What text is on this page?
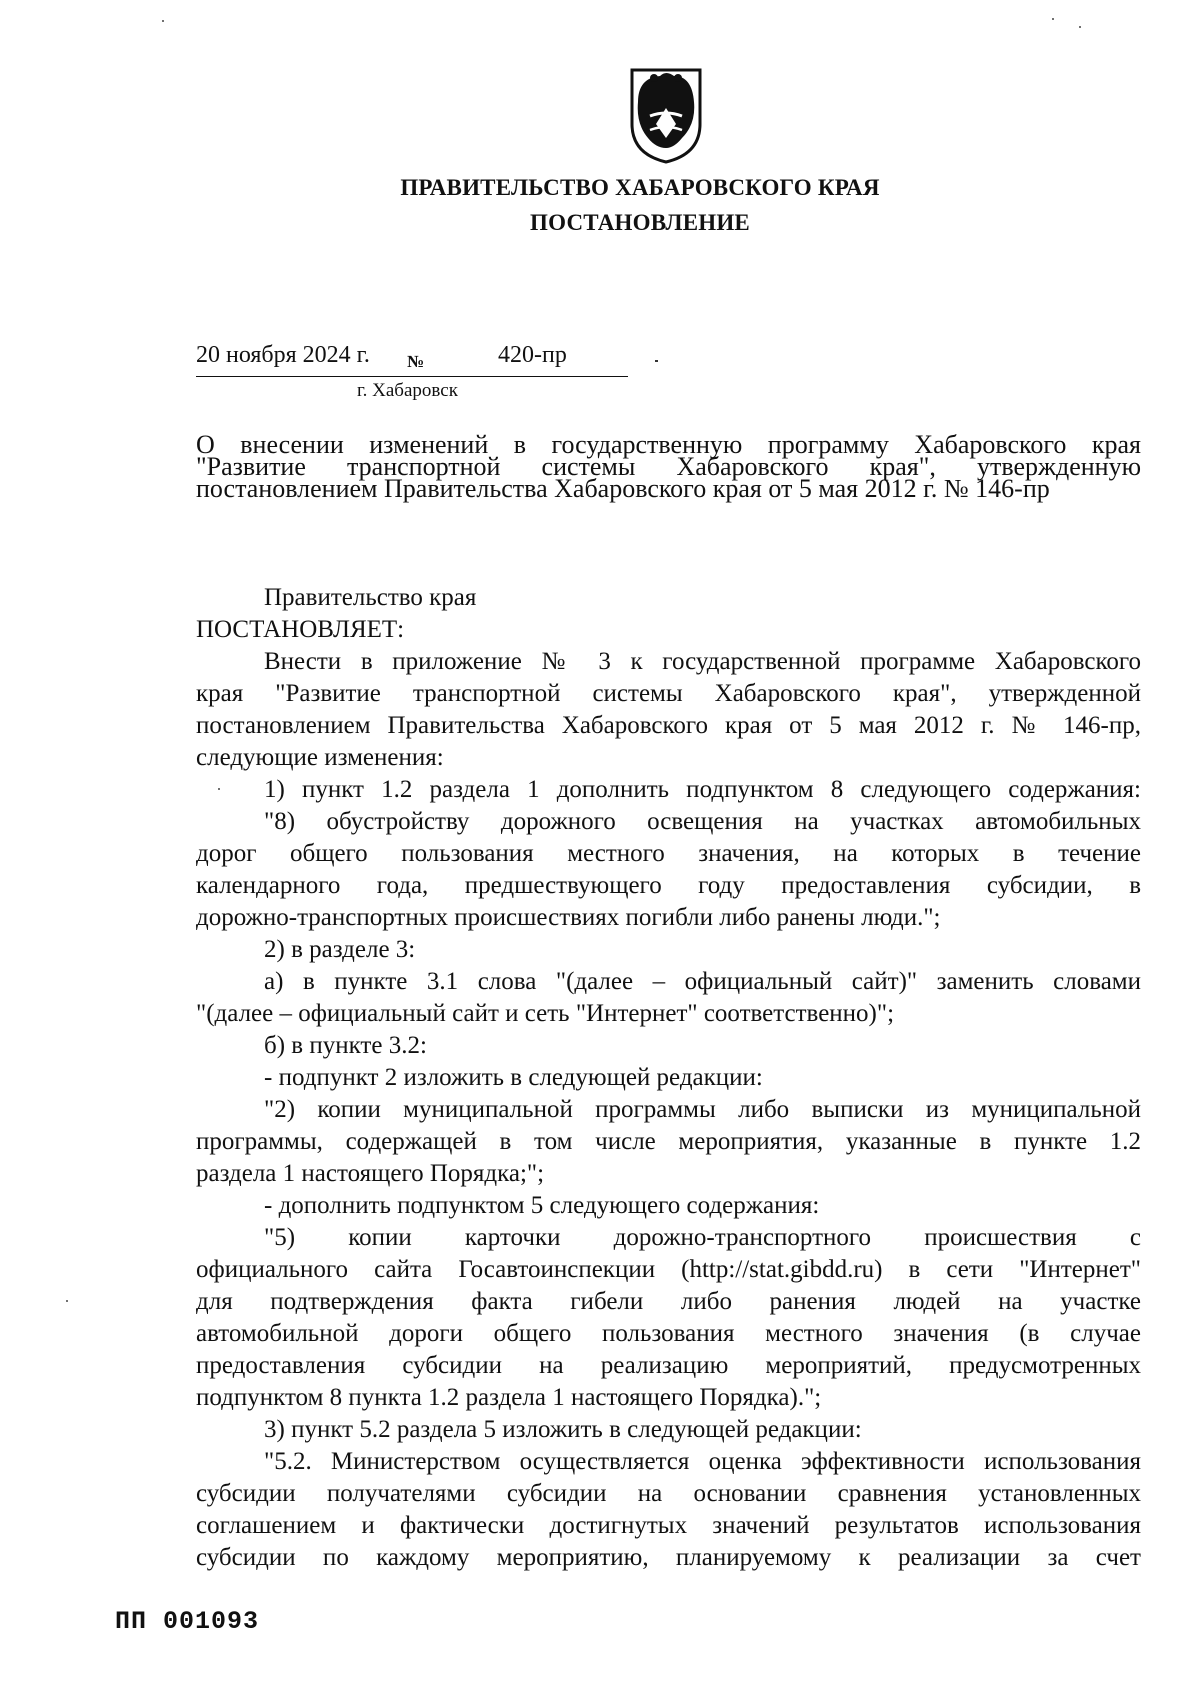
ПРАВИТЕЛЬСТВО ХАБАРОВСКОГО КРАЯ
ПОСТАНОВЛЕНИЕ
20 ноября 2024 г. №	420-пр
г. Хабаровск
О внесении изменений в государственную программу Хабаровского края
"Развитие транспортной системы Хабаровского края", утвержденную
постановлением Правительства Хабаровского края от 5 мая 2012 г. № 146-пр
Правительство края
ПОСТАНОВЛЯЕТ:
Внести в приложение № 3 к государственной программе Хабаровского
края "Развитие транспортной системы Хабаровского края", утвержденной
постановлением Правительства Хабаровского края от 5 мая 2012 г. № 146-пр,
следующие изменения:
1) пункт 1.2 раздела 1 дополнить подпунктом 8 следующего содержания:
"8) обустройству дорожного освещения на участках автомобильных
дорог общего пользования местного значения, на которых в течение
календарного года, предшествующего году предоставления субсидии, в
дорожно-транспортных происшествиях погибли либо ранены люди.";
2) в разделе 3:
а) в пункте 3.1 слова "(далее – официальный сайт)" заменить словами
"(далее – официальный сайт и сеть "Интернет" соответственно)";
б) в пункте 3.2:
- подпункт 2 изложить в следующей редакции:
"2) копии муниципальной программы либо выписки из муниципальной
программы, содержащей в том числе мероприятия, указанные в пункте 1.2
раздела 1 настоящего Порядка;";
- дополнить подпунктом 5 следующего содержания:
"5) копии карточки дорожно-транспортного происшествия с
официального сайта Госавтоинспекции (http://stat.gibdd.ru) в сети "Интернет"
для подтверждения факта гибели либо ранения людей на участке
автомобильной дороги общего пользования местного значения (в случае
предоставления субсидии на реализацию мероприятий, предусмотренных
подпунктом 8 пункта 1.2 раздела 1 настоящего Порядка).";
3) пункт 5.2 раздела 5 изложить в следующей редакции:
"5.2. Министерством осуществляется оценка эффективности использования
субсидии получателями субсидии на основании сравнения установленных
соглашением и фактически достигнутых значений результатов использования
субсидии по каждому мероприятию, планируемому к реализации за счет
ПП 001093
